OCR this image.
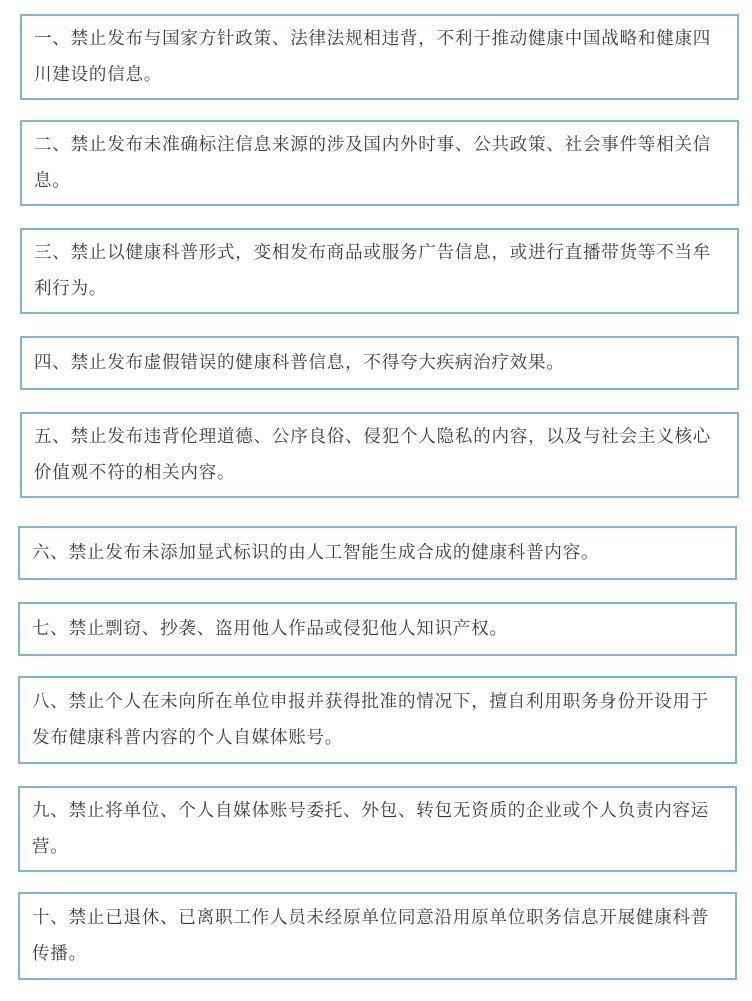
一、禁止发布与国家方针政策、法律法规相违背，不利于推动健康中国战略和健康四川建设的信息。

二、禁止发布未准确标注信息来源的涉及国内外时事、公共政策、社会事件等相关信息。

三、禁止以健康科普形式，变相发布商品或服务广告信息，或进行直播带货等不当牟利行为。

四、禁止发布虚假错误的健康科普信息，不得夸大疾病治疗效果。

五、禁止发布违背伦理道德、公序良俗、侵犯个人隐私的内容，以及与社会主义核心价值观不符的相关内容。

六、禁止发布未添加显式标识的由人工智能生成合成的健康科普内容。

七、禁止剽窃、抄袭、盗用他人作品或侵犯他人知识产权。

八、禁止个人在未向所在单位申报并获得批准的情况下，擅自利用职务身份开设用于发布健康科普内容的个人自媒体账号。

九、禁止将单位、个人自媒体账号委托、外包、转包无资质的企业或个人负责内容运营。

十、禁止已退休、已离职工作人员未经原单位同意沿用原单位职务信息开展健康科普传播。
